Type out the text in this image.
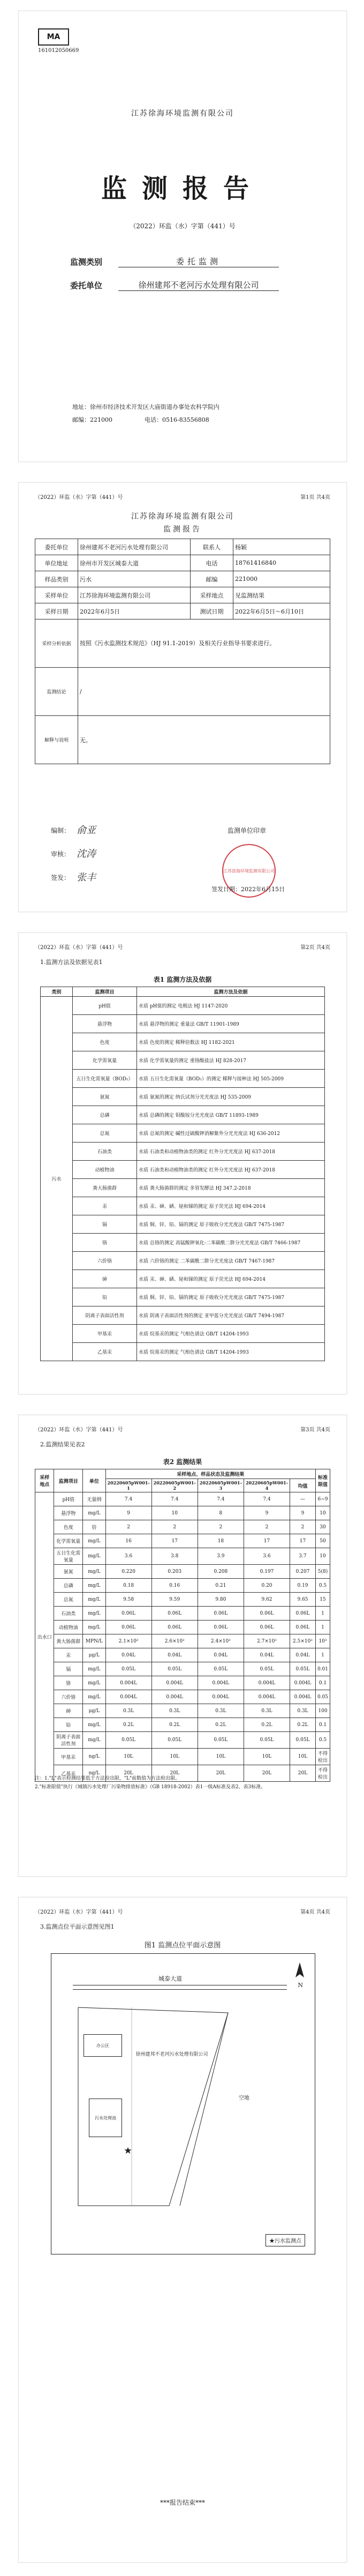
MA
161012050669
江苏徐海环境监测有限公司
监测报告
（2022）环监（水）字第（441）号
监测类别	委托监测
委托单位	徐州建邦不老河污水处理有限公司
地址：徐州市经济技术开发区大庙街道办事处农科学院内
邮编：221000	电话：0516-83556808
（2022）环监（水）字第（441）号	第1页 共4页
江苏徐海环境监测有限公司
监测报告
委托单位	徐州建邦不老河污水处理有限公司	联系人	杨颖
单位地址	徐州市开发区城泰大道	电话	18761416840
样品类别	污水	邮编	221000
采样单位	江苏徐海环境监测有限公司	采样地点	见监测结果
采样日期	2022年6月5日	测试日期	2022年6月5日～6月10日
采样分析依据	按照《污水监测技术规范》（HJ 91.1-2019）及相关行业指导书要求进行。		
监测结论	/		
解释与说明	无。		
编制： 俞亚
审核： 沈涛
签发： 张丰
监测单位印章
江苏徐海环境监测有限公司
签发日期：2022年6月15日
（2022）环监（水）字第（441）号	第2页 共4页
1.监测方法及依据见表1
表1 监测方法及依据
类别	监测项目	监测方法及依据
污水	pH值	水质 pH值的测定 电极法 HJ 1147-2020
	悬浮物	水质 悬浮物的测定 重量法 GB/T 11901-1989
	色度	水质 色度的测定 稀释倍数法 HJ 1182-2021
	化学需氧量	水质 化学需氧量的测定 重铬酸盐法 HJ 828-2017
	五日生化需氧量（BOD₅）	水质 五日生化需氧量（BOD₅）的测定 稀释与接种法 HJ 505-2009
	氨氮	水质 氨氮的测定 纳氏试剂分光光度法 HJ 535-2009
	总磷	水质 总磷的测定 钼酸铵分光光度法 GB/T 11893-1989
	总氮	水质 总氮的测定 碱性过硫酸钾消解紫外分光光度法 HJ 636-2012
	石油类	水质 石油类和动植物油类的测定 红外分光光度法 HJ 637-2018
	动植物油	水质 石油类和动植物油类的测定 红外分光光度法 HJ 637-2018
	粪大肠菌群	水质 粪大肠菌群的测定 多管发酵法 HJ 347.2-2018
	汞	水质 汞、砷、硒、铋和锑的测定 原子荧光法 HJ 694-2014
	镉	水质 铜、锌、铅、镉的测定 原子吸收分光光度法 GB/T 7475-1987
	铬	水质 总铬的测定 高锰酸钾氧化-二苯碳酰二肼分光光度法 GB/T 7466-1987
	六价铬	水质 六价铬的测定 二苯碳酰二肼分光光度法 GB/T 7467-1987
	砷	水质 汞、砷、硒、铋和锑的测定 原子荧光法 HJ 694-2014
	铅	水质 铜、锌、铅、镉的测定 原子吸收分光光度法 GB/T 7475-1987
	阴离子表面活性剂	水质 阴离子表面活性剂的测定 亚甲蓝分光光度法 GB/T 7494-1987
	甲基汞	水质 烷基汞的测定 气相色谱法 GB/T 14204-1993
	乙基汞	水质 烷基汞的测定 气相色谱法 GB/T 14204-1993
（2022）环监（水）字第（441）号	第3页 共4页
2.监测结果见表2
表2 监测结果
采样
地点	监测项目	单位	采样地点、样品状态及监测结果					标准限值
			20220605pW001-1	20220605pW001-2	20220605pW001-3	20220605pW001-4	均值	
出水口	pH值	无量纲	7.4	7.4	7.4	7.4	—	6~9
	悬浮物	mg/L	9	10	8	9	9	10
	色度	倍	2	2	2	2	2	30
	化学需氧量	mg/L	16	17	18	17	17	50
	五日生化需氧量	mg/L	3.6	3.8	3.9	3.6	3.7	10
	氨氮	mg/L	0.220	0.203	0.208	0.197	0.207	5(8)
	总磷	mg/L	0.18	0.16	0.21	0.20	0.19	0.5
	总氮	mg/L	9.58	9.59	9.80	9.62	9.65	15
	石油类	mg/L	0.06L	0.06L	0.06L	0.06L	0.06L	1
	动植物油	mg/L	0.06L	0.06L	0.06L	0.06L	0.06L	1
	粪大肠菌群	MPN/L	2.1×10²	2.6×10²	2.4×10²	2.7×10²	2.5×10²	10³
	汞	μg/L	0.04L	0.04L	0.04L	0.04L	0.04L	1
	镉	mg/L	0.05L	0.05L	0.05L	0.05L	0.05L	0.01
	铬	mg/L	0.004L	0.004L	0.004L	0.004L	0.004L	0.1
	六价铬	mg/L	0.004L	0.004L	0.004L	0.004L	0.004L	0.05
	砷	μg/L	0.3L	0.3L	0.3L	0.3L	0.3L	100
	铅	mg/L	0.2L	0.2L	0.2L	0.2L	0.2L	0.1
	阴离子表面活性剂	mg/L	0.05L	0.05L	0.05L	0.05L	0.05L	0.5
	甲基汞	ng/L	10L	10L	10L	10L	10L	不得检出
	乙基汞	ng/L	20L	20L	20L	20L	20L	不得检出
注：1."L"表示检测结果低于方法检出限，"L"前数值为方法检出限。
2."标准限值"执行《城镇污水处理厂污染物排放标准》（GB 18918-2002）表1一级A标准及表2、表3标准。
（2022）环监（水）字第（441）号	第4页 共4页
3.监测点位平面示意图见图1
图1 监测点位平面示意图
N
城泰大道
办公区
徐州建邦不老河污水处理有限公司
污水处理池
空地
★污水监测点
***报告结束***
